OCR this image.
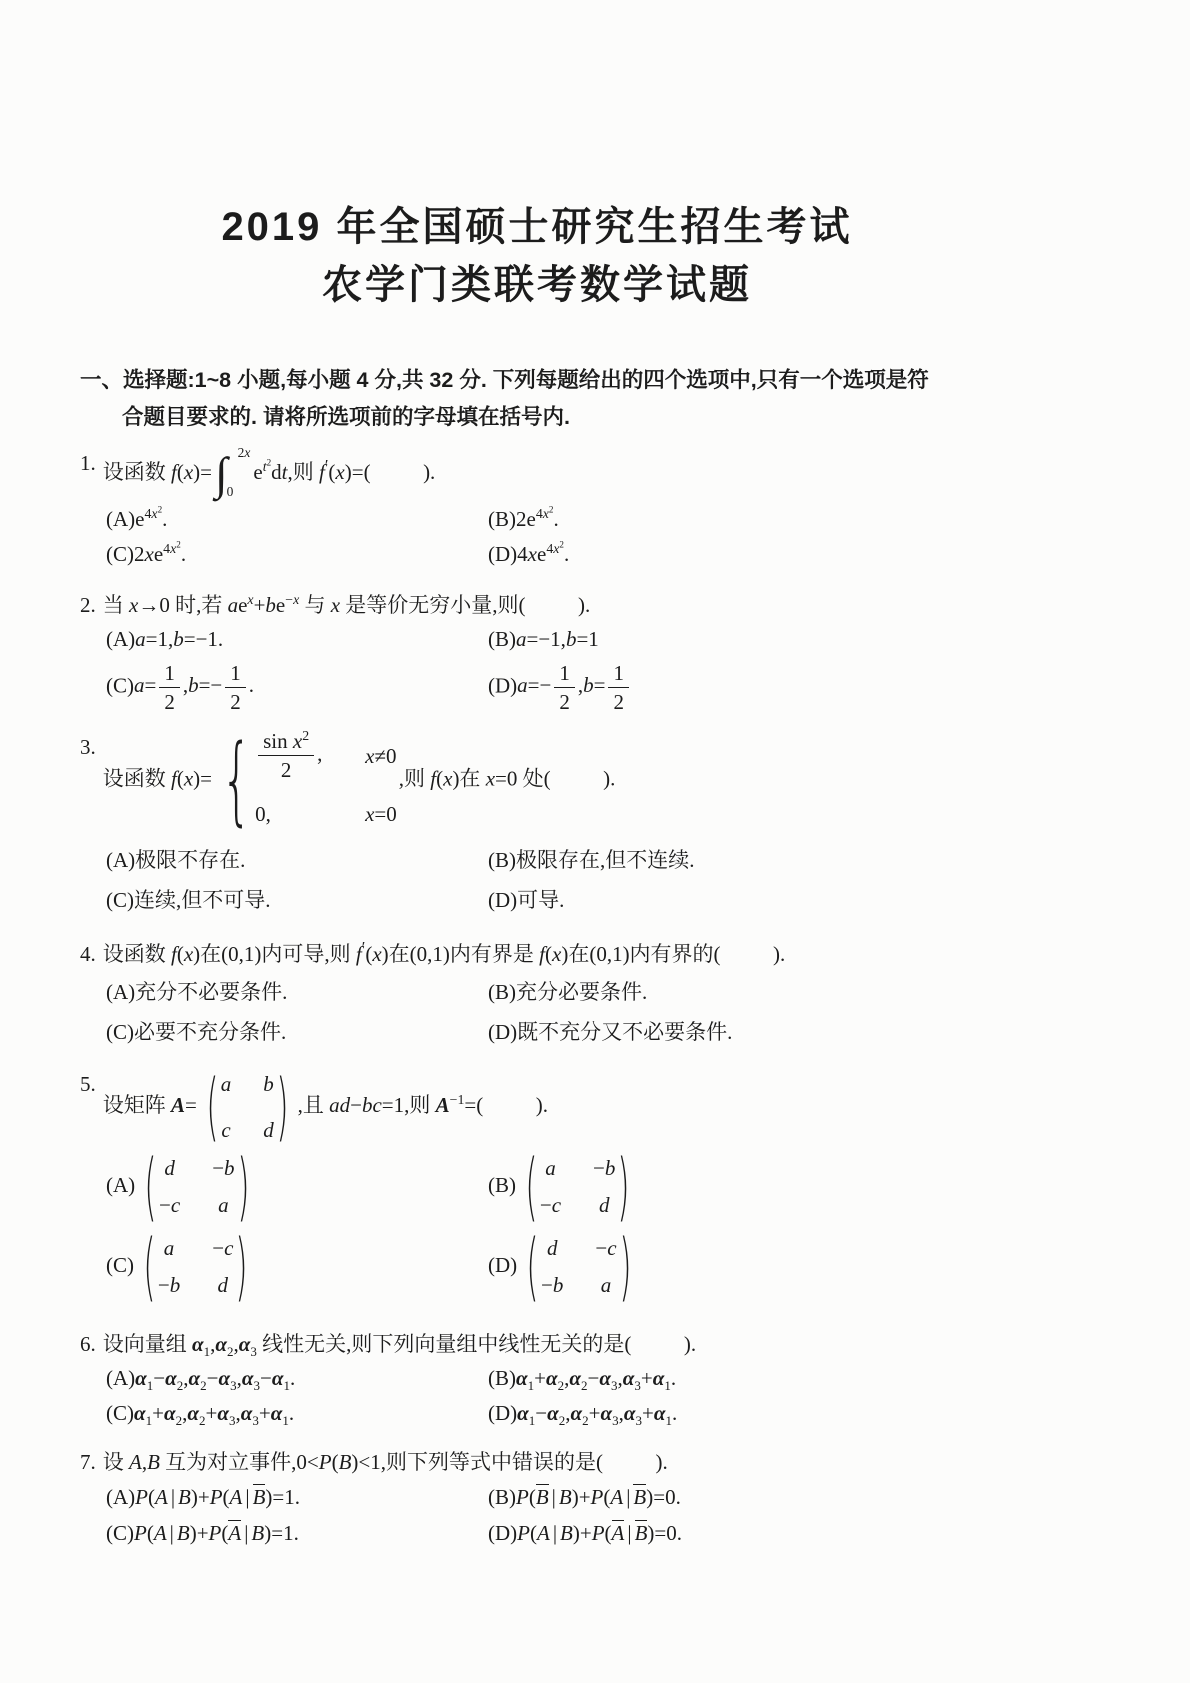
2019 年全国硕士研究生招生考试
农学门类联考数学试题
一、选择题:1~8 小题,每小题 4 分,共 32 分. 下列每题给出的四个选项中,只有一个选项是符
合题目要求的. 请将所选项前的字母填在括号内.
1. 设函数 f(x)= ∫ 2x
0
$e^{t^2}dt$,则 f′(x)=(   ).
$(A)e^{4x^2}$.	$(B)2e^{4x^2}$.
$(C)2xe^{4x^2}$.	$(D)4xe^{4x^2}$.
2. 当 x→0 时,若 $ae^x+be^{-x}$ 与 x 是等价无穷小量,则(   ).
(A)a=1,b=−1.	(B)a=−1,b=1
$(C)a= \frac{1}{2} ,b=- \frac{1}{2}$ .	$(D)a=- \frac{1}{2} ,b= \frac{1}{2}$
3.
设函数 f(x)= { $\frac{\sin x^2}{2}$ ,	x≠0
0,	x=0
,则 f(x)在 x=0 处(   ).
(A)极限不存在.	(B)极限存在,但不连续.
(C)连续,但不可导.	(D)可导.
4. 设函数 f(x)在(0,1)内可导,则 f′(x)在(0,1)内有界是 f(x)在(0,1)内有界的(   ).
(A)充分不必要条件.	(B)充分必要条件.
(C)必要不充分条件.	(D)既不充分又不必要条件.
5.
设矩阵 A= ( a b
c d ) ,且 ad−bc=1,则 $A^{-1}=$(   ).
(A) ( d −b
−c a )	(B) ( a −b
−c d )
(C) ( a −c
−b d )	(D) ( d −c
−b a )
6. 设向量组 $\alpha_1,\alpha_2,\alpha_3$ 线性无关,则下列向量组中线性无关的是(   ).
$(A)\alpha_1-\alpha_2,\alpha_2-\alpha_3,\alpha_3-\alpha_1$.	$(B)\alpha_1+\alpha_2,\alpha_2-\alpha_3,\alpha_3+\alpha_1$.
$(C)\alpha_1+\alpha_2,\alpha_2+\alpha_3,\alpha_3+\alpha_1$.	$(D)\alpha_1-\alpha_2,\alpha_2+\alpha_3,\alpha_3+\alpha_1$.
7. 设 A,B 互为对立事件,0<P(B)<1,则下列等式中错误的是(   ).
(A)P(A | B)+P(A | B)=1.	(B)P(B | B)+P(A | B)=0.
(C)P(A | B)+P(A | B)=1.	(D)P(A | B)+P(A | B)=0.
